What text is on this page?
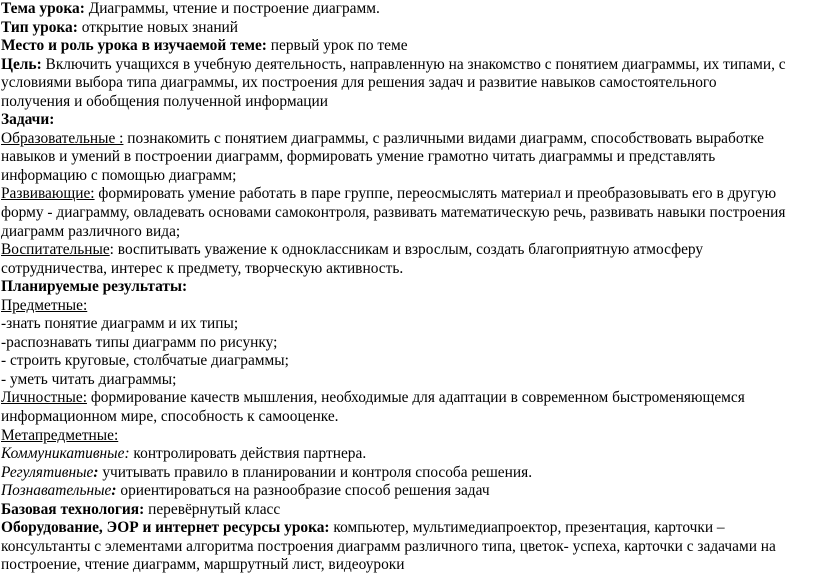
Тема урока: Диаграммы, чтение и построение диаграмм.

Тип урока: открытие новых знаний

Место и роль урока в изучаемой теме: первый урок по теме

Цель: Включить учащихся в учебную деятельность, направленную на знакомство с понятием диаграммы, их типами, с

условиями выбора типа диаграммы, их построения для решения задач и развитие навыков самостоятельного

получения и обобщения полученной информации

Задачи:

Образовательные : познакомить с понятием диаграммы, с различными видами диаграмм, способствовать выработке

навыков и умений в построении диаграмм, формировать умение грамотно читать диаграммы и представлять

информацию с помощью диаграмм;

Развивающие: формировать умение работать в паре группе, переосмыслять материал и преобразовывать его в другую

форму - диаграмму, овладевать основами самоконтроля, развивать математическую речь, развивать навыки построения

диаграмм различного вида;

Воспитательные: воспитывать уважение к одноклассникам и взрослым, создать благоприятную атмосферу

сотрудничества, интерес к предмету, творческую активность.

Планируемые результаты:

Предметные:

-знать понятие диаграмм и их типы;

-распознавать типы диаграмм по рисунку;

- строить круговые, столбчатые диаграммы;

- уметь читать диаграммы;

Личностные: формирование качеств мышления, необходимые для адаптации в современном быстроменяющемся

информационном мире, способность к самооценке.

Метапредметные:

Коммуникативные: контролировать действия партнера.

Регулятивные: учитывать правило в планировании и контроля способа решения.

Познавательные: ориентироваться на разнообразие способ решения задач

Базовая технология: перевёрнутый класс

Оборудование, ЭОР и интернет ресурсы урока: компьютер, мультимедиапроектор, презентация, карточки –

консультанты с элементами алгоритма построения диаграмм различного типа, цветок- успеха, карточки с задачами на

построение, чтение диаграмм, маршрутный лист, видеоуроки
